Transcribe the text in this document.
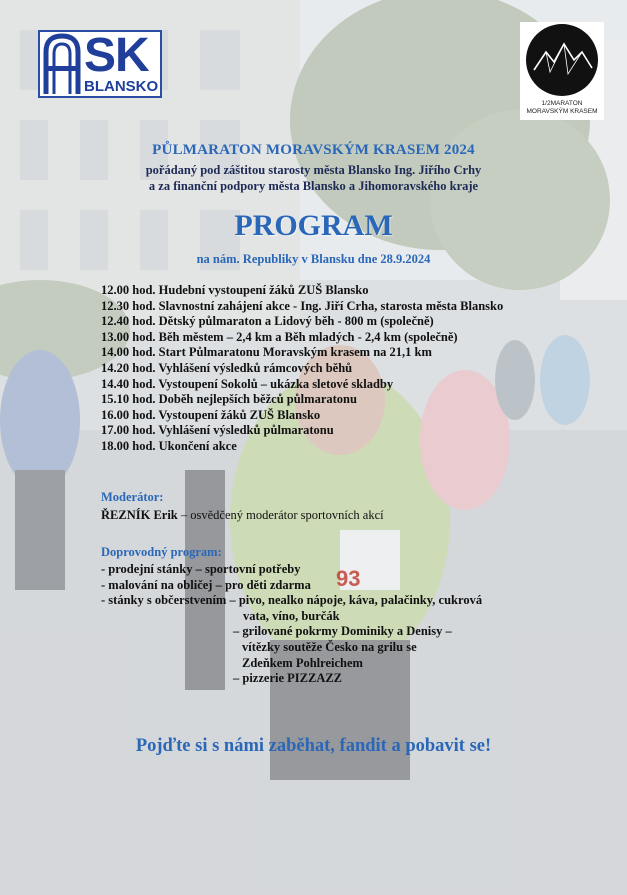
SK
BLANSKO
1/2MARATON
MORAVSKÝM KRASEM
PŮLMARATON MORAVSKÝM KRASEM 2024
pořádaný pod záštitou starosty města Blansko Ing. Jiřího Crhy
a za finanční podpory města Blansko a Jihomoravského kraje
PROGRAM
na nám. Republiky v Blansku dne 28.9.2024
12.00 hod. Hudební vystoupení žáků ZUŠ Blansko
12.30 hod. Slavnostní zahájení akce - Ing. Jiří Crha, starosta města Blansko
12.40 hod. Dětský půlmaraton a Lidový běh - 800 m (společně)
13.00 hod. Běh městem – 2,4 km a Běh mladých - 2,4 km (společně)
14.00 hod. Start Půlmaratonu Moravským krasem na 21,1 km
14.20 hod. Vyhlášení výsledků rámcových běhů
14.40 hod. Vystoupení Sokolů – ukázka sletové skladby
15.10 hod. Doběh nejlepších běžců půlmaratonu
16.00 hod. Vystoupení žáků ZUŠ Blansko
17.00 hod. Vyhlášení výsledků půlmaratonu
18.00 hod. Ukončení akce
Moderátor:
ŘEZNÍK Erik – osvědčený moderátor sportovních akcí
Doprovodný program:
- prodejní stánky – sportovní potřeby
- malování na obličej – pro děti zdarma
- stánky s občerstvením – pivo, nealko nápoje, káva, palačinky, cukrová
vata, víno, burčák
– grilované pokrmy Dominiky a Denisy –
vítězky soutěže Česko na grilu se
Zdeňkem Pohlreichem
– pizzerie PIZZAZZ
93
Pojďte si s námi zaběhat, fandit a pobavit se!
